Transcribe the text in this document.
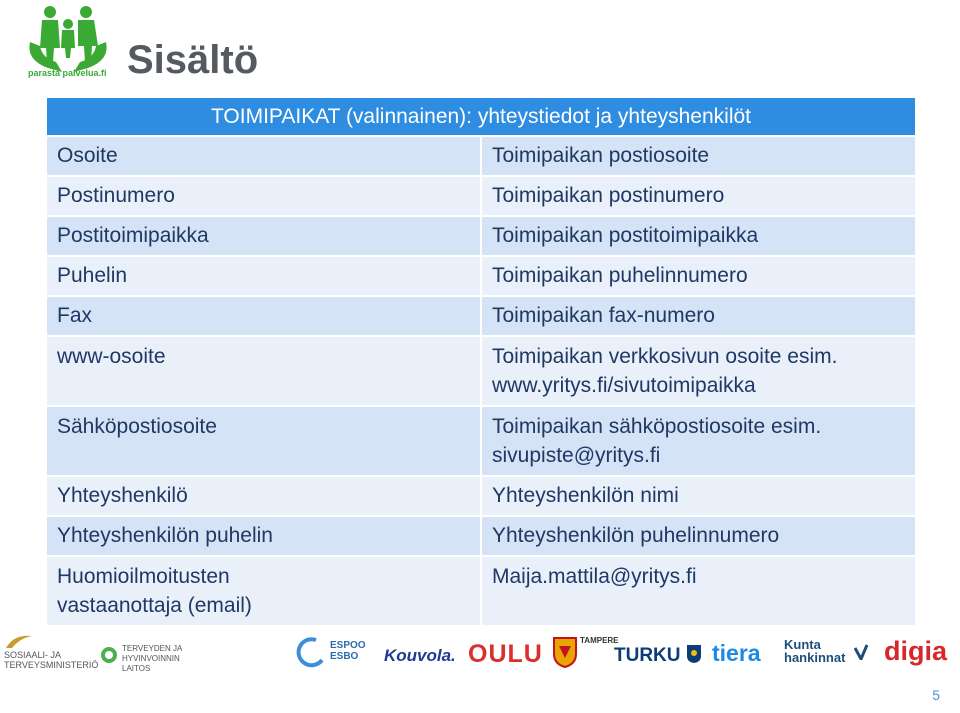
parasta palvelua.fi Sisältö
TOIMIPAIKAT (valinnainen): yhteystiedot ja yhteyshenkilöt	
Osoite	Toimipaikan postiosoite
Postinumero	Toimipaikan postinumero
Postitoimipaikka	Toimipaikan postitoimipaikka
Puhelin	Toimipaikan puhelinnumero
Fax	Toimipaikan fax-numero

www-osoite	Toimipaikan verkkosivun osoite esim.
www.yritys.fi/sivutoimipaikka

Sähköpostiosoite	Toimipaikan sähköpostiosoite esim.
sivupiste@yritys.fi

Yhteyshenkilö	Yhteyshenkilön nimi
Yhteyshenkilön puhelin	Yhteyshenkilön puhelinnumero

Huomioilmoitusten
vastaanottaja (email)	Maija.mattila@yritys.fi

SOSIAALI- JA
TERVEYSMINISTERIÖ
TERVEYDEN JA
HYVINVOINNIN LAITOS
ESPOO
ESBO	Kouvola. OULU	TAMPERE
TURKU	tiera Kunta
hankinnat	digia
5
